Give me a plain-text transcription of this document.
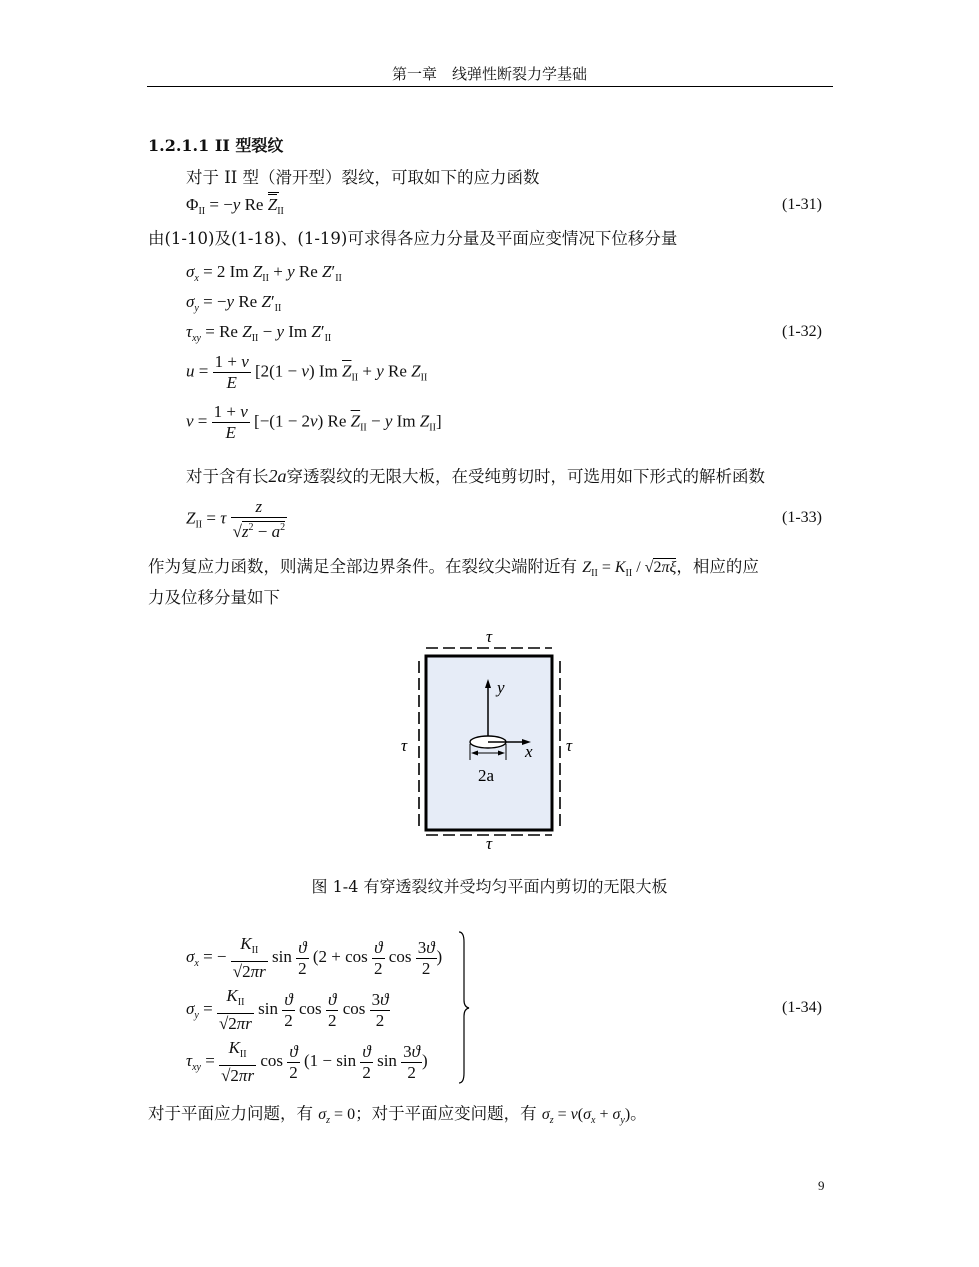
第一章　线弹性断裂力学基础
1.2.1.1 II 型裂纹
对于 II 型（滑开型）裂纹，可取如下的应力函数
$\Phi_{II} = -y$ Re Z
$_{II}$	(1-31)
由(1-10)及(1-18)、(1-19)可求得各应力分量及平面应变情况下位移分量
$\sigma_x = 2$ Im $Z_{II} + y$ Re $Z'_{II}$
$\sigma_y = -y$ Re $Z'_{II}$
$\tau_{xy} = Re$ $Z_{II} - y$ Im $Z'_{II}$	(1-32)
$u = \frac{1 + \nu}{E} [2(1 - \nu)$ Im $\overline{Z}_{II} + y$ Re $Z_{II}$
$v = \frac{1 + \nu}{E} [-(1 - 2\nu)$ Re $\overline{Z}_{II} - y$ Im $Z_{II}$]
对于含有长2a穿透裂纹的无限大板，在受纯剪切时，可选用如下形式的解析函数
$Z_{II} = \tau \frac{z}{√z^2 - a^2}$	(1-33)
作为复应力函数，则满足全部边界条件。在裂纹尖端附近有 $Z_{II} = K_{II} / √2\pi\xi$，相应的应
力及位移分量如下
τ
τ
τ	τ
y
x
2a
图 1-4 有穿透裂纹并受均匀平面内剪切的无限大板
$\sigma_x$ = − $\frac{K_{II}}{√2\pi r}$ $\sin \frac{ϑ}{2} (2 + \cos \frac{ϑ}{2}$ $\cos \frac{3ϑ}{2}$ )
$\sigma_y = \frac{K_{II}}{√2\pi r}$ $\sin \frac{ϑ}{2}$ $\cos \frac{ϑ}{2}$ $\cos \frac{3ϑ}{2}$
$\tau_{xy} = \frac{K_{II}}{√2\pi r}$ $\cos \frac{ϑ}{2} (1 - \sin \frac{ϑ}{2}$ $\sin \frac{3ϑ}{2}$ )
(1-34)
对于平面应力问题，有 $\sigma_z = 0$；对于平面应变问题，有 $\sigma_z = \nu(\sigma_x + \sigma_y)$。
9
